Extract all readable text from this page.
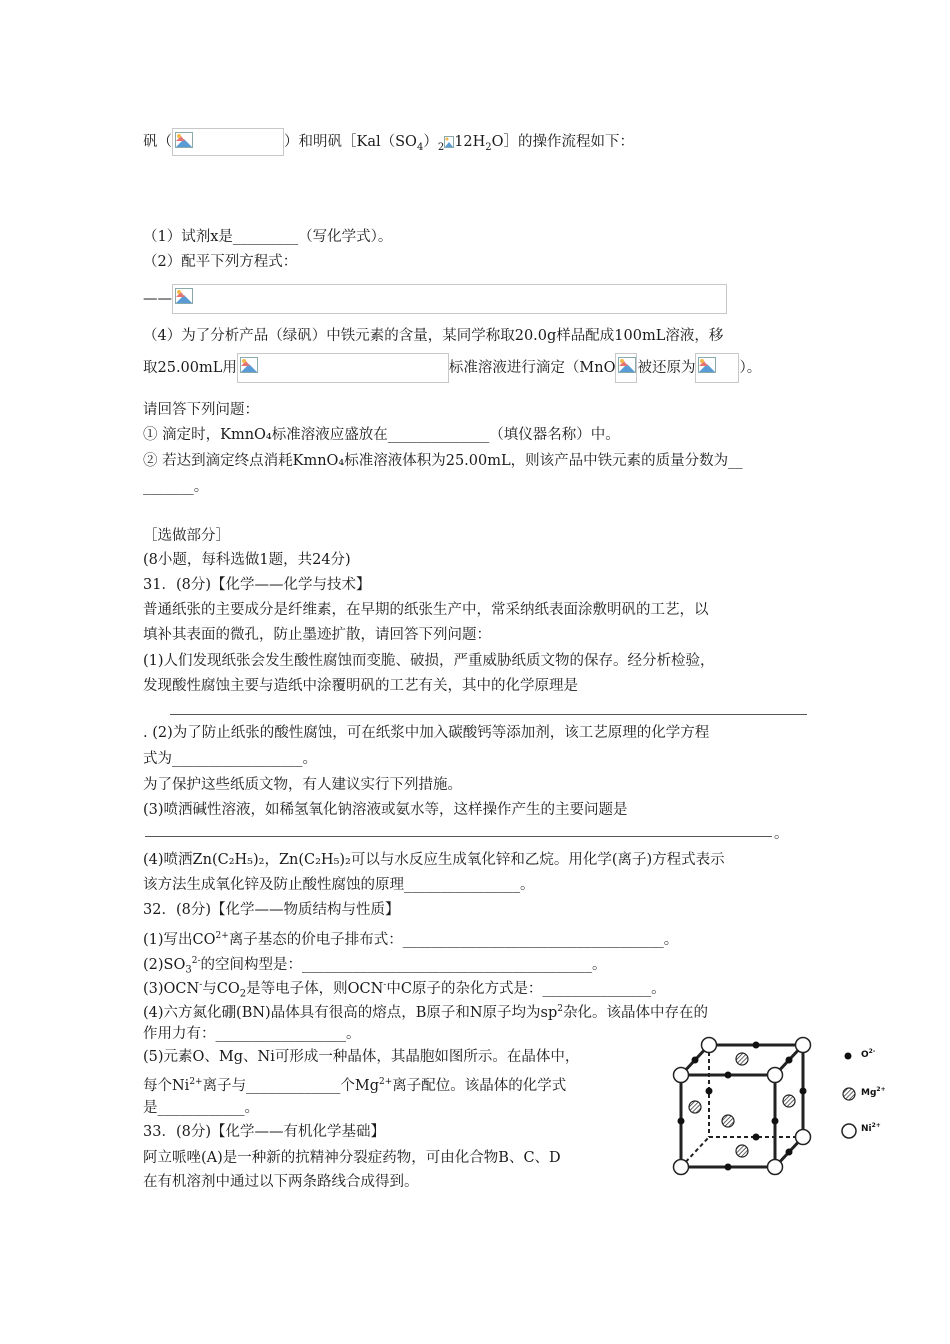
矾（	）和明矾$[Kal(SO_4)_2$ $12H_2O]$的操作流程如下：
（1）试剂x是_________（写化学式）。
（2）配平下列方程式：
——
（4）为了分析产品（绿矾）中铁元素的含量，某同学称取20.0g样品配成100mL溶液，移
取25.00mL用	标准溶液进行滴定（MnO 被还原为	）。
请回答下列问题：
① 滴定时，KmnO₄标准溶液应盛放在______________（填仪器名称）中。
② 若达到滴定终点消耗KmnO₄标准溶液体积为25.00mL，则该产品中铁元素的质量分数为__
_______。
［选做部分］
(8小题，每科选做1题，共24分)
31．(8分)【化学——化学与技术】
普通纸张的主要成分是纤维素，在早期的纸张生产中，常采纳纸表面涂敷明矾的工艺，以
填补其表面的微孔，防止墨迹扩散，请回答下列问题：
(1)人们发现纸张会发生酸性腐蚀而变脆、破损，严重威胁纸质文物的保存。经分析检验，
发现酸性腐蚀主要与造纸中涂覆明矾的工艺有关，其中的化学原理是
. (2)为了防止纸张的酸性腐蚀，可在纸浆中加入碳酸钙等添加剂，该工艺原理的化学方程
式为__________________。
为了保护这些纸质文物，有人建议实行下列措施。
(3)喷洒碱性溶液，如稀氢氧化钠溶液或氨水等，这样操作产生的主要问题是
。
(4)喷洒Zn(C₂H₅)₂，Zn(C₂H₅)₂可以与水反应生成氧化锌和乙烷。用化学(离子)方程式表示
该方法生成氧化锌及防止酸性腐蚀的原理________________。
32．(8分)【化学——物质结构与性质】
(1)写出$CO^{2+}$离子基态的价电子排布式：____________________________________。
$(2)SO_3^{2-}$的空间构型是：________________________________________。
(3)OCN-与$CO_2$是等电子体，则OCN-中C原子的杂化方式是：_______________。
(4)六方氮化硼(BN)晶体具有很高的熔点，B原子和N原子均为$sp^2$杂化。该晶体中存在的
作用力有：__________________。
(5)元素O、Mg、Ni可形成一种晶体，其晶胞如图所示。在晶体中，
每个$Ni^{2+}$离子与_____________个$Mg^{2+}$离子配位。该晶体的化学式
是____________。
33．(8分)【化学——有机化学基础】
阿立哌唑(A)是一种新的抗精神分裂症药物，可由化合物B、C、D
在有机溶剂中通过以下两条路线合成得到。
$O^{2-}$
$Mg^{2+}$
$Ni^{2+}$
